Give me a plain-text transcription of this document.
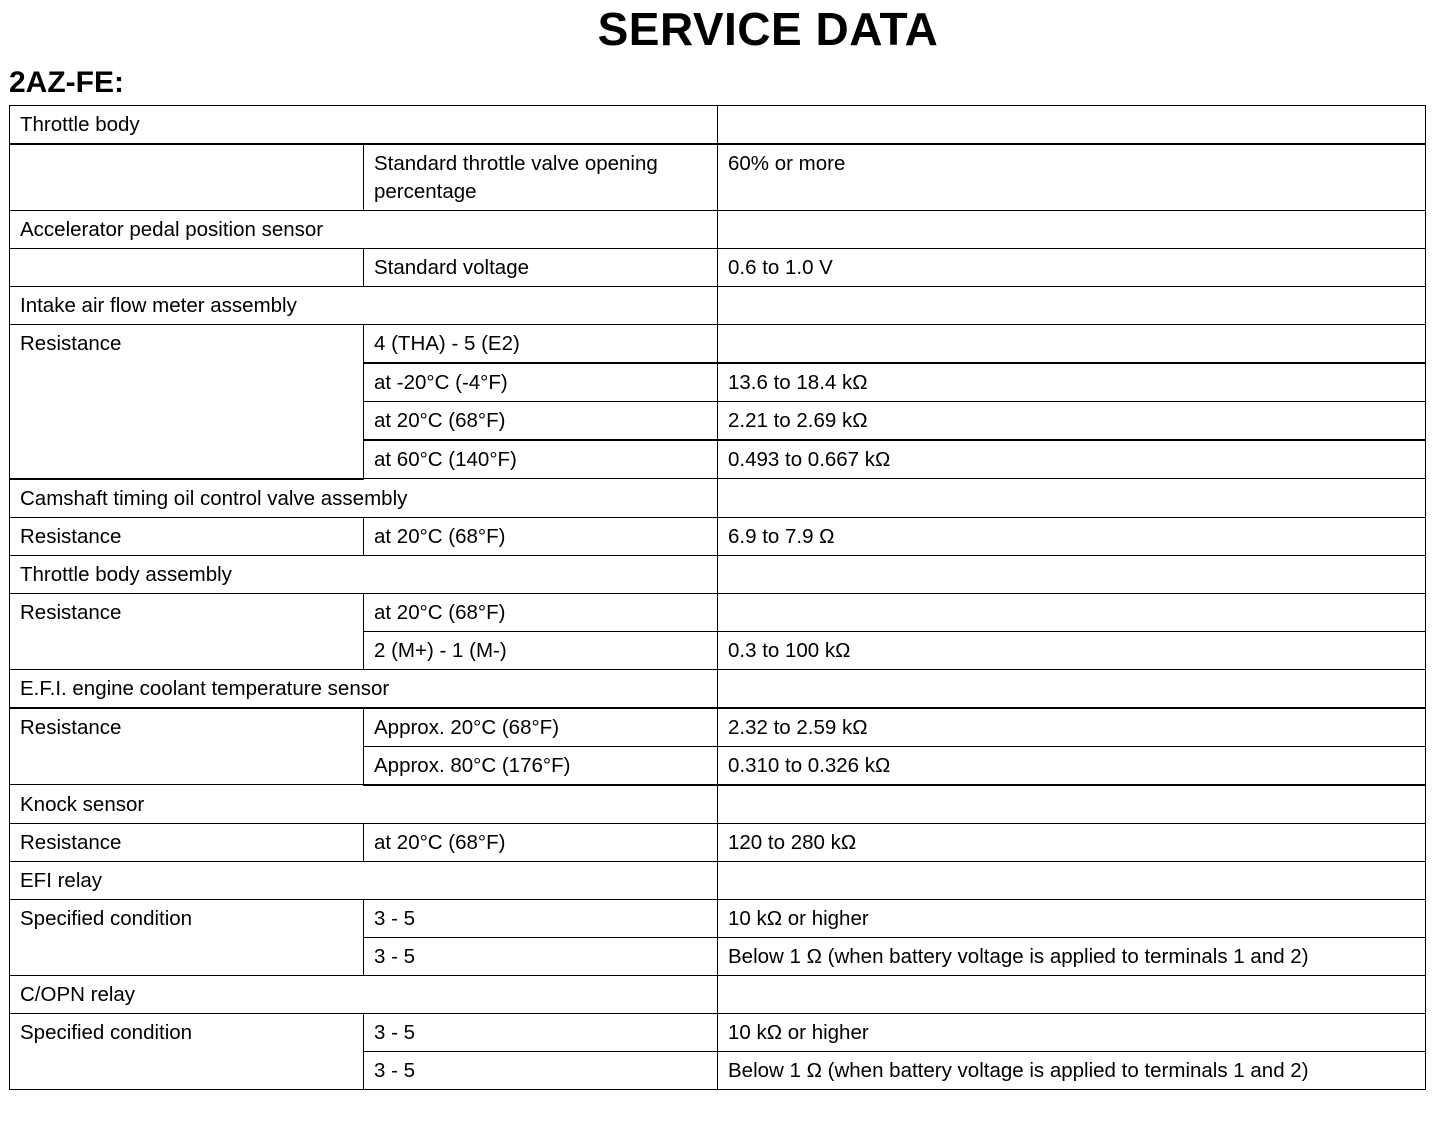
SERVICE DATA
2AZ-FE:
Throttle body		
	Standard throttle valve opening percentage	60% or more
Accelerator pedal position sensor		
	Standard voltage	0.6 to 1.0 V
Intake air flow meter assembly		
Resistance	4 (THA) - 5 (E2)	
	at -20°C (-4°F)	13.6 to 18.4 kΩ
	at 20°C (68°F)	2.21 to 2.69 kΩ
	at 60°C (140°F)	0.493 to 0.667 kΩ
Camshaft timing oil control valve assembly		
Resistance	at 20°C (68°F)	6.9 to 7.9 Ω
Throttle body assembly		
Resistance	at 20°C (68°F)	
	2 (M+) - 1 (M-)	0.3 to 100 kΩ
E.F.I. engine coolant temperature sensor		
Resistance	Approx. 20°C (68°F)	2.32 to 2.59 kΩ
	Approx. 80°C (176°F)	0.310 to 0.326 kΩ
Knock sensor		
Resistance	at 20°C (68°F)	120 to 280 kΩ
EFI relay		
Specified condition	3 - 5	10 kΩ or higher
	3 - 5	Below 1 Ω (when battery voltage is applied to terminals 1 and 2)
C/OPN relay		
Specified condition	3 - 5	10 kΩ or higher
	3 - 5	Below 1 Ω (when battery voltage is applied to terminals 1 and 2)
